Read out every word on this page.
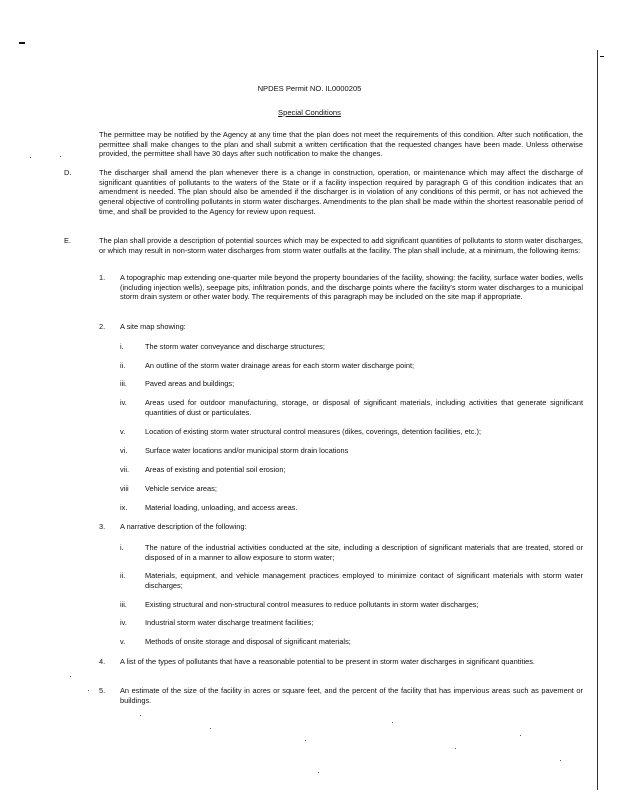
NPDES Permit NO. IL0000205
Special Conditions
The permittee may be notified by the Agency at any time that the plan does not meet the requirements of this condition. After such notification, the permittee shall make changes to the plan and shall submit a written certification that the requested changes have been made. Unless otherwise provided, the permittee shall have 30 days after such notification to make the changes.
D.	The discharger shall amend the plan whenever there is a change in construction, operation, or maintenance which may affect the discharge of significant quantities of pollutants to the waters of the State or if a facility inspection required by paragraph G of this condition indicates that an amendment is needed. The plan should also be amended if the discharger is in violation of any conditions of this permit, or has not achieved the general objective of controlling pollutants in storm water discharges. Amendments to the plan shall be made within the shortest reasonable period of time, and shall be provided to the Agency for review upon request.
E.	The plan shall provide a description of potential sources which may be expected to add significant quantities of pollutants to storm water discharges, or which may result in non-storm water discharges from storm water outfalls at the facility. The plan shall include, at a minimum, the following items:
1. A topographic map extending one-quarter mile beyond the property boundaries of the facility, showing: the facility, surface water bodies, wells (including injection wells), seepage pits, infiltration ponds, and the discharge points where the facility's storm water discharges to a municipal storm drain system or other water body. The requirements of this paragraph may be included on the site map if appropriate.
2. A site map showing:
i.	The storm water conveyance and discharge structures;
ii.	An outline of the storm water drainage areas for each storm water discharge point;
iii. Paved areas and buildings;
iv. Areas used for outdoor manufacturing, storage, or disposal of significant materials, including activities that generate significant quantities of dust or particulates.
v.	Location of existing storm water structural control measures (dikes, coverings, detention facilities, etc.);
vi. Surface water locations and/or municipal storm drain locations
vii. Areas of existing and potential soil erosion;
viii Vehicle service areas;
ix. Material loading, unloading, and access areas.
3. A narrative description of the following:
i.	The nature of the industrial activities conducted at the site, including a description of significant materials that are treated, stored or disposed of in a manner to allow exposure to storm water;
ii.	Materials, equipment, and vehicle management practices employed to minimize contact of significant materials with storm water discharges;
iii. Existing structural and non-structural control measures to reduce pollutants in storm water discharges;
iv. Industrial storm water discharge treatment facilities;
v.	Methods of onsite storage and disposal of significant materials;
4. A list of the types of pollutants that have a reasonable potential to be present in storm water discharges in significant quantities.
5. An estimate of the size of the facility in acres or square feet, and the percent of the facility that has impervious areas such as pavement or buildings.
